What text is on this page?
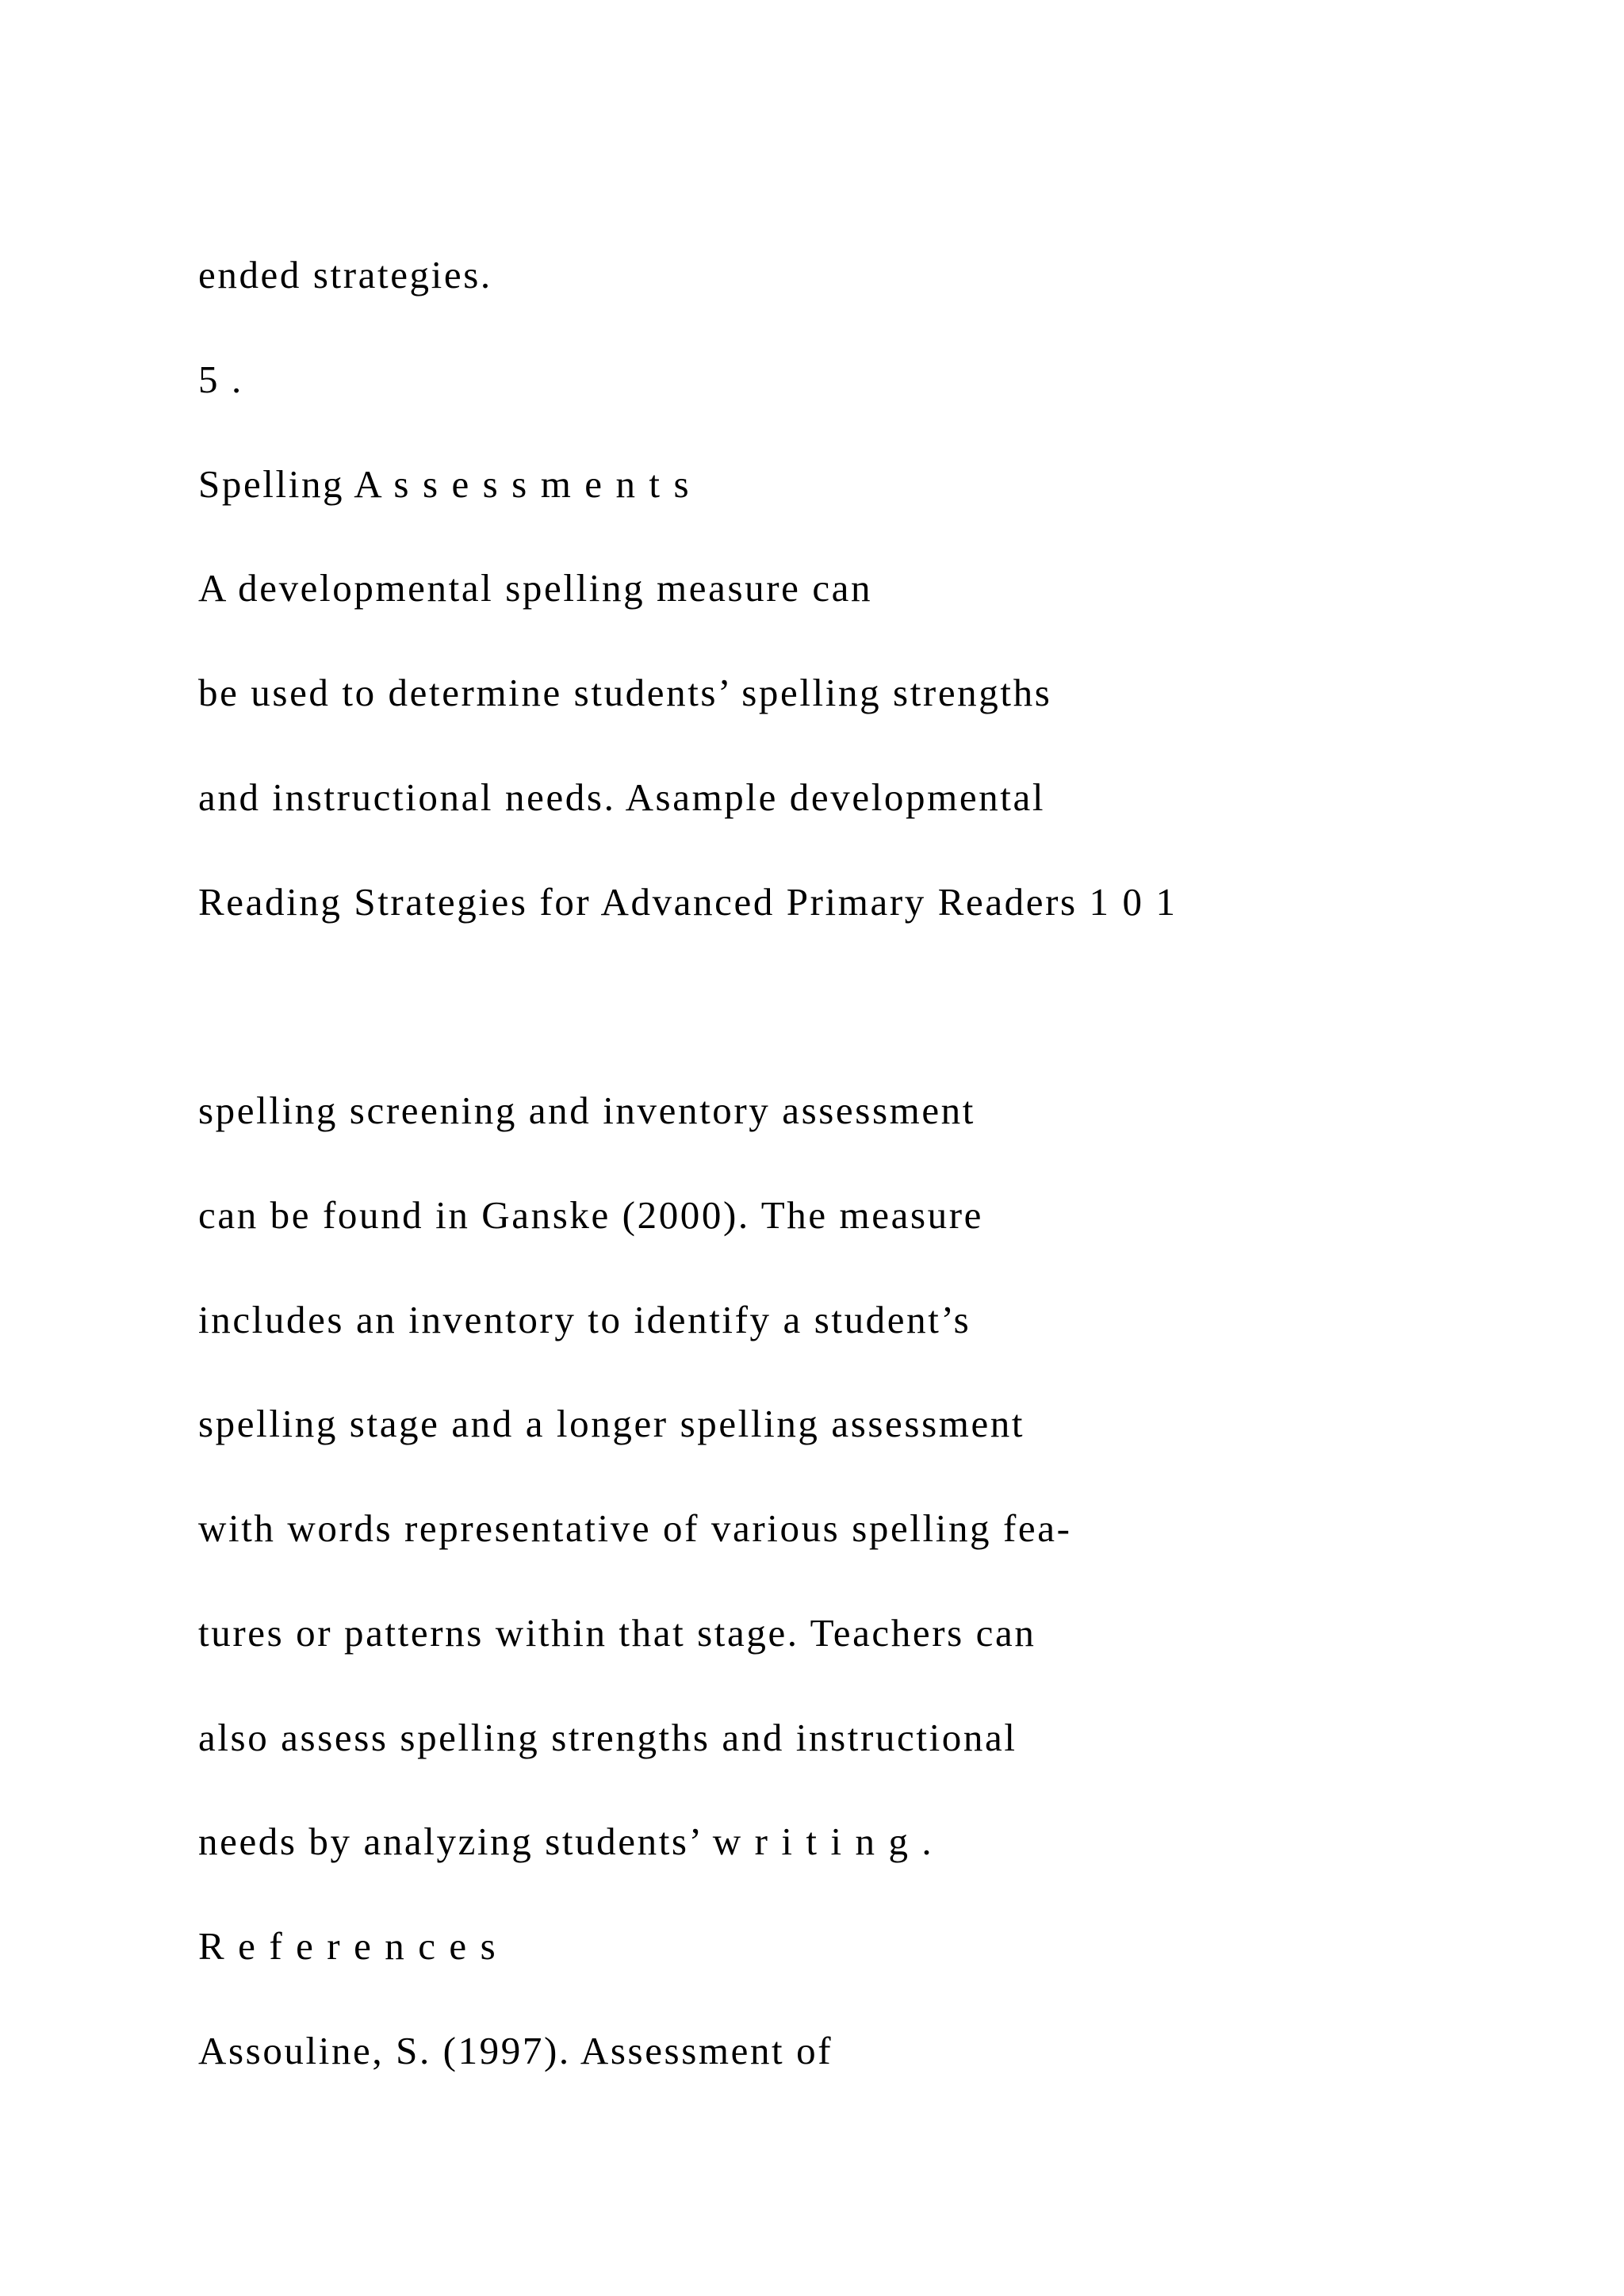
ended strategies.

5 .

Spelling A s s e s s m e n t s

A developmental spelling measure can

be used to determine students’ spelling strengths

and instructional needs. Asample developmental

Reading Strategies for Advanced Primary Readers 1 0 1

spelling screening and inventory assessment

can be found in Ganske (2000). The measure

includes an inventory to identify a student’s

spelling stage and a longer spelling assessment

with words representative of various spelling fea-

tures or patterns within that stage. Teachers can

also assess spelling strengths and instructional

needs by analyzing students’ w r i t i n g .

R e f e r e n c e s

Assouline, S. (1997). Assessment of
